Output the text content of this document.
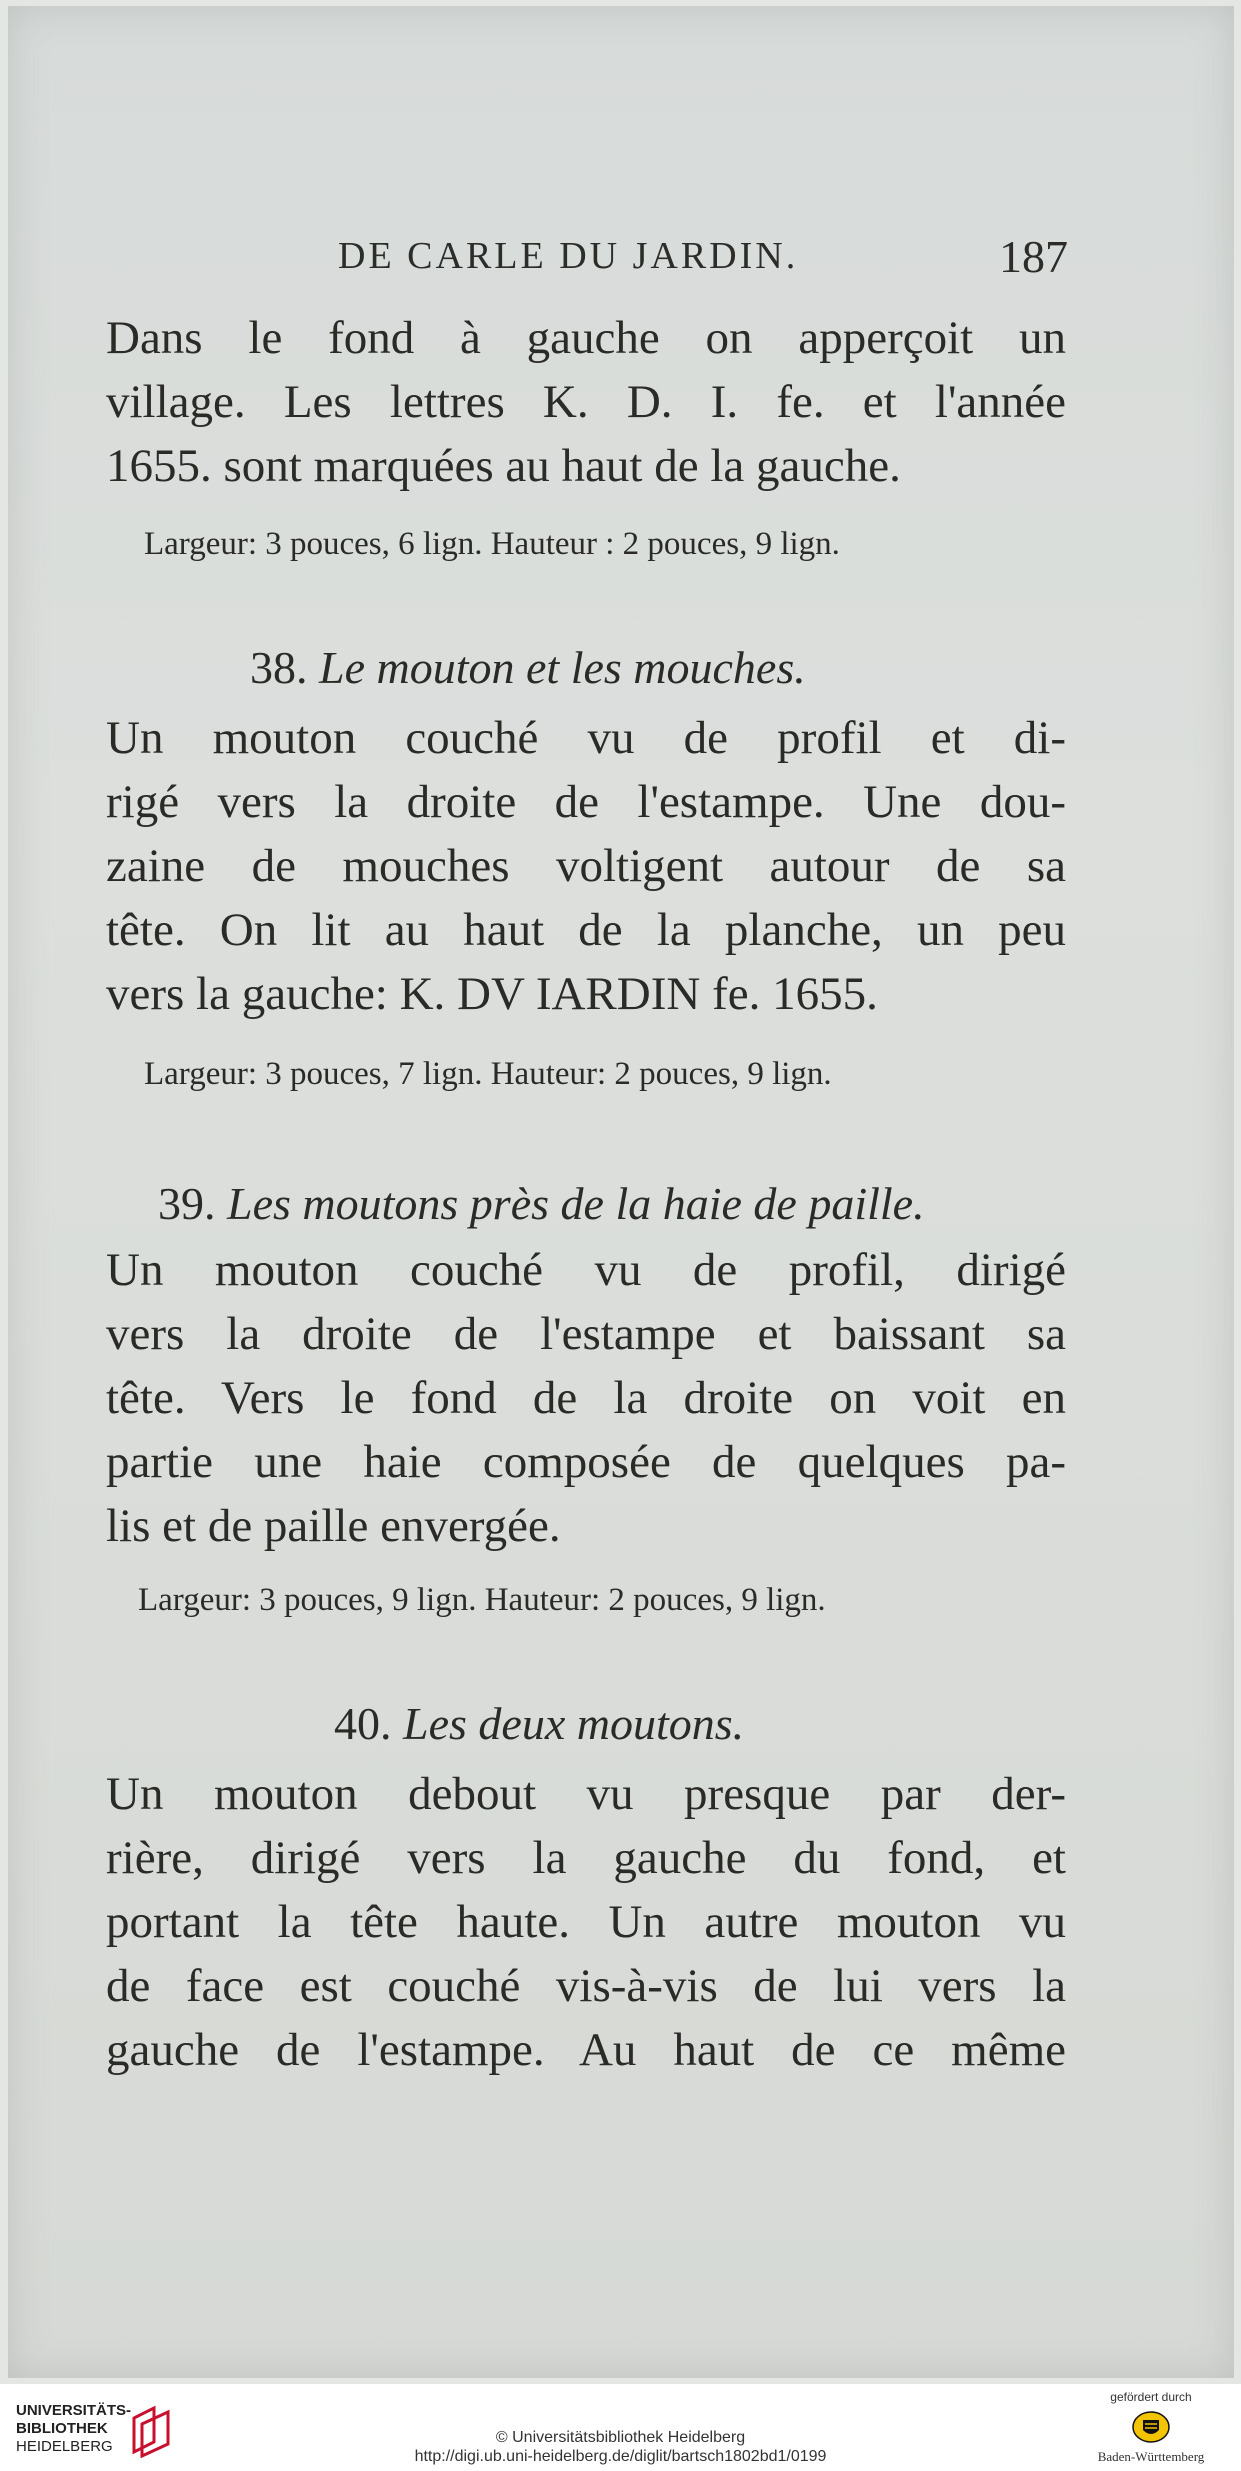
DE CARLE DU JARDIN.	187
Dans le fond à gauche on apperçoit un
village. Les lettres K. D. I. fe. et l'année
1655. sont marquées au haut de la gauche.
Largeur: 3 pouces, 6 lign. Hauteur : 2 pouces, 9 lign.
38. Le mouton et les mouches.
Un mouton couché vu de profil et di-
rigé vers la droite de l'estampe. Une dou-
zaine de mouches voltigent autour de sa
tête. On lit au haut de la planche, un peu
vers la gauche: K. DV IARDIN fe. 1655.
Largeur: 3 pouces, 7 lign. Hauteur: 2 pouces, 9 lign.
39. Les moutons près de la haie de paille.
Un mouton couché vu de profil, dirigé
vers la droite de l'estampe et baissant sa
tête. Vers le fond de la droite on voit en
partie une haie composée de quelques pa-
lis et de paille envergée.
Largeur: 3 pouces, 9 lign. Hauteur: 2 pouces, 9 lign.
40. Les deux moutons.
Un mouton debout vu presque par der-
rière, dirigé vers la gauche du fond, et
portant la tête haute. Un autre mouton vu
de face est couché vis-à-vis de lui vers la
gauche de l'estampe. Au haut de ce même
UNIVERSITÄTS-
BIBLIOTHEK
HEIDELBERG
© Universitätsbibliothek Heidelberg
http://digi.ub.uni-heidelberg.de/diglit/bartsch1802bd1/0199
gefördert durch
Baden-Württemberg
